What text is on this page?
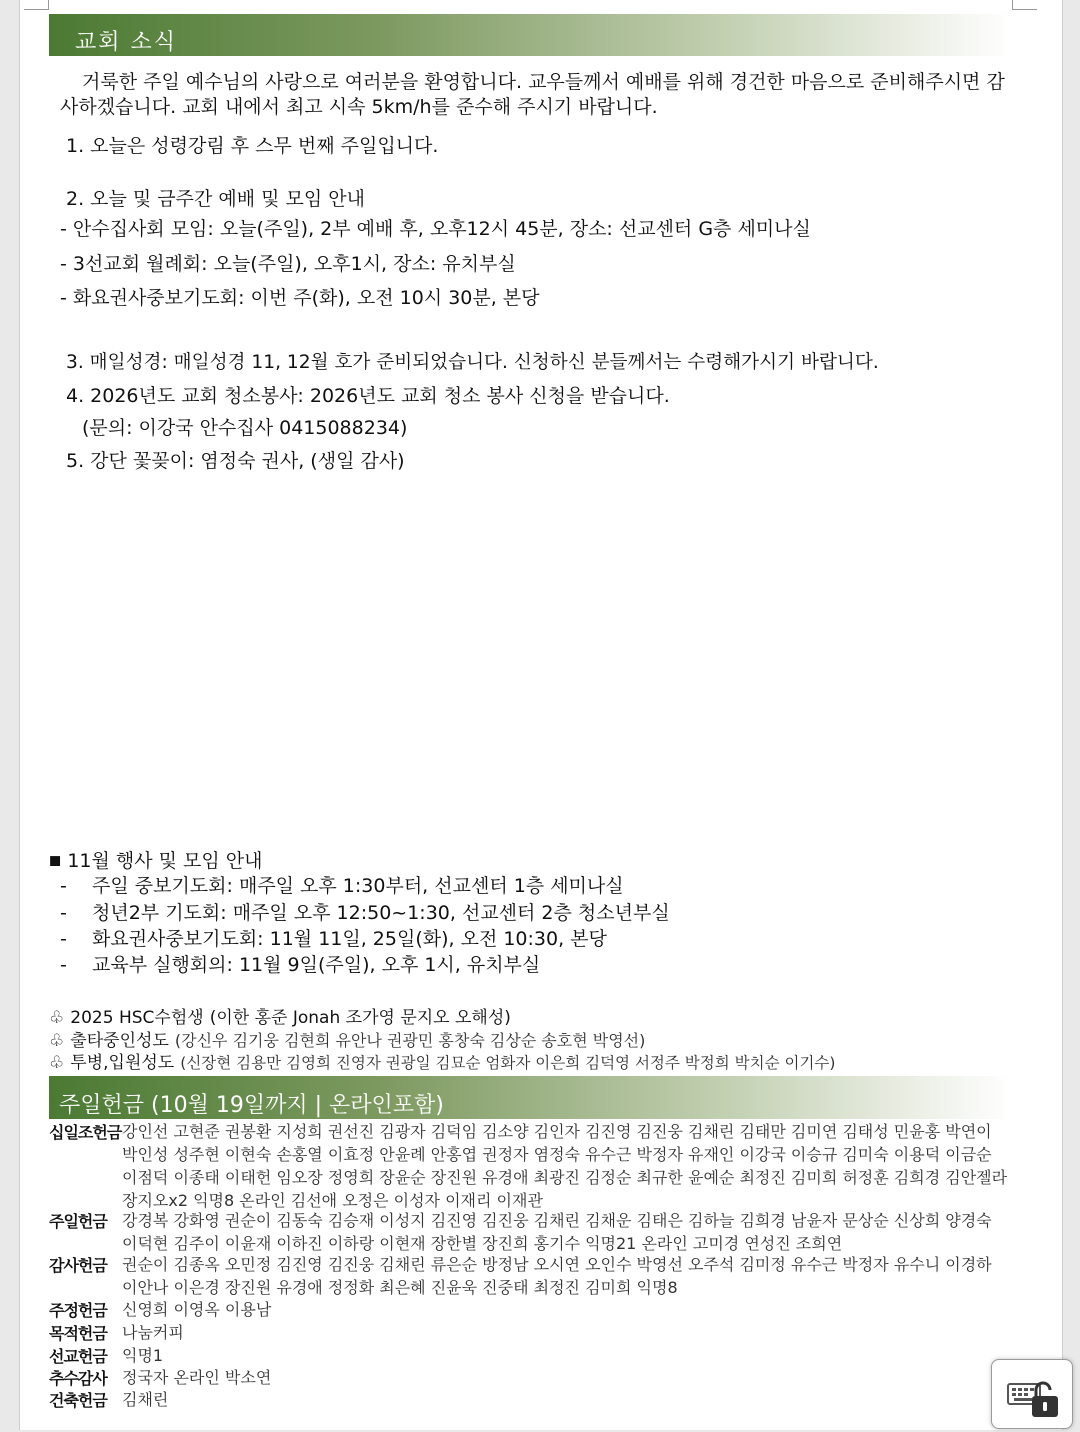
교회 소식
거룩한 주일 예수님의 사랑으로 여러분을 환영합니다. 교우들께서 예배를 위해 경건한 마음으로 준비해주시면 감사하겠습니다. 교회 내에서 최고 시속 5km/h를 준수해 주시기 바랍니다.
1. 오늘은 성령강림 후 스무 번째 주일입니다.
2. 오늘 및 금주간 예배 및 모임 안내
- 안수집사회 모임: 오늘(주일), 2부 예배 후, 오후12시 45분, 장소: 선교센터 G층 세미나실
- 3선교회 월례회: 오늘(주일), 오후1시, 장소: 유치부실
- 화요권사중보기도회: 이번 주(화), 오전 10시 30분, 본당
3. 매일성경: 매일성경 11, 12월 호가 준비되었습니다. 신청하신 분들께서는 수령해가시기 바랍니다.
4. 2026년도 교회 청소봉사: 2026년도 교회 청소 봉사 신청을 받습니다.
(문의: 이강국 안수집사 0415088234)
5. 강단 꽃꽂이: 염정숙 권사, (생일 감사)
■ 11월 행사 및 모임 안내
- 주일 중보기도회: 매주일 오후 1:30부터, 선교센터 1층 세미나실
- 청년2부 기도회: 매주일 오후 12:50~1:30, 선교센터 2층 청소년부실
- 화요권사중보기도회: 11월 11일, 25일(화), 오전 10:30, 본당
- 교육부 실행회의: 11월 9일(주일), 오후 1시, 유치부실
♧ 2025 HSC수험생 (이한 홍준 Jonah 조가영 문지오 오해성)
♧ 출타중인성도 (강신우 김기웅 김현희 유안나 권광민 홍창숙 김상순 송호현 박영선)
♧ 투병,입원성도 (신장현 김용만 김영희 진영자 권광일 김묘순 엄화자 이은희 김덕영 서정주 박정희 박치순 이기수)
주일헌금 (10월 19일까지 | 온라인포함)
십일조헌금 강인선 고현준 권봉환 지성희 권선진 김광자 김덕임 김소양 김인자 김진영 김진웅 김채린 김태만 김미연 김태성 민윤홍 박연이 박인성 성주현 이현숙 손홍열 이효정 안윤례 안홍엽 권정자 염정숙 유수근 박정자 유재인 이강국 이승규 김미숙 이용덕 이금순 이점덕 이종태 이태헌 임오장 정영희 장윤순 장진원 유경애 최광진 김정순 최규한 윤예순 최정진 김미희 허정훈 김희경 김안젤라 장지오x2 익명8 온라인 김선애 오정은 이성자 이재리 이재관
주일헌금 강경복 강화영 권순이 김동숙 김승재 이성지 김진영 김진웅 김채린 김채운 김태은 김하늘 김희경 남윤자 문상순 신상희 양경숙 이덕현 김주이 이윤재 이하진 이하랑 이현재 장한별 장진희 홍기수 익명21 온라인 고미경 연성진 조희연
감사헌금 권순이 김종옥 오민정 김진영 김진웅 김채린 류은순 방정남 오시연 오인수 박영선 오주석 김미정 유수근 박정자 유수니 이경하 이안나 이은경 장진원 유경애 정정화 최은혜 진윤욱 진중태 최정진 김미희 익명8
주정헌금 신영희 이영옥 이용남
목적헌금 나눔커피
선교헌금 익명1
추수감사 정국자 온라인 박소연
건축헌금 김채린
